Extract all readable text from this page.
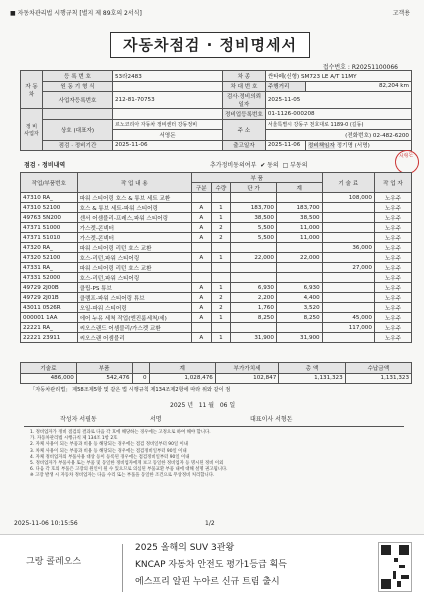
■ 자동차관리법 시행규칙 [별지 제 89호의 2서식]	고객용
자동차점검 · 정비명세서
접수번호 : R20251100066
자 동 차	등 록 번 호	53라2483	차 종	싼타페(신형) SM723 LE A/T 11MY	
	원 동 기 형 식		차 대 번 호	주행거리	82,204 km
	사업자등록번호	212-81-70753	검사·정비의뢰일자	2025-11-05	
정 비 사업자			정비업등록번호	01-1126-000208	
	상호 (대표자)	르노코리아 자동차 정비센터 강동정비	주 소	서울특별시 강동구 천호대로 1189-0 (길동)	
		서영돈		(전화번호) 02-482-6200	
	점검 · 정비기간	2025-11-06	출고일자	2025-11-06	정비책임자 정기명 (서명)
서형돈
점검 · 정비내역	추가정비동의여부 ✔ 동의 □ 부동의
작업/부품번호	작 업 내 용	부 품				기 술 료	작 업 자
		구분	수량	단 가	계		
47310 RA_	파워 스티어링 호스 & 튜브 세트 교환					108,000	노우주
47310 52100	호스 & 튜브 세트-파워 스티어링	A	1	183,700	183,700		노우주
49763 5N200	센서 어셈블리-프레스,파워 스티어링	A	1	38,500	38,500		노우주
47371 51000	가스켓-콘넥터	A	2	5,500	11,000		노우주
47371 51010	가스켓-콘넥터	A	2	5,500	11,000		노우주
47320 RA_	파워 스티어링 리턴 호스 교환					36,000	노우주
47320 52100	호스-리턴,파워 스티어링	A	1	22,000	22,000		노우주
47331 RA_	파워 스티어링 리턴 호스 교환					27,000	노우주
47331 52000	호스-리턴,파워 스티어링						노우주
49729 2J00B	클립-PS 튜브	A	1	6,930	6,930		노우주
49729 2J01B	클램프-파워 스티어링 튜브	A	2	2,200	4,400		노우주
43011 0526R	오일-파워 스티어링	A	2	1,760	3,520		노우주
000001 1AA	에어 누유 세척 작업(엔진룸세척/세)	A	1	8,250	8,250	45,000	노우주
22221 RA_	씨오스랜드 어셈블리/가스켓 교환					117,000	노우주
22221 23911	씨오스랜 어셈블리	A	1	31,900	31,900		노우주
기술료	부품		계	부가가치세	총 액	수납금액
486,000	542,476	0	1,028,476	102,847	1,131,323	1,131,323
「자동차관리법」 제58조제5항 및 같은 법 시행규칙 제134조제2항에 따라 위와 같이 점
2025 년 11 월 06 일
작성자 서필동	서명	대표이사 서형돈
1. 정비업자가 정비 점검의 결과로 다음 각 호에 해당하는 경우에는 고정으로 하여 해야 합니다.
가. 자동차관리법 시행규칙 제 134조 1항 2호
2. 자체 사용이 되는 부품과 비용 등 해당되는 경우에는 점검 정비일부터 90일 이내
3. 차체 사용이 되는 부품과 비용 등 해당되는 경우에는 점검정비일부터 90일 이내
4. 자체 정비업자의 부품사용 대상 등이 등록된 경우에는 점검정비일부터 90일 이내
5. 정비업자가 부품사용 또는 부품 및 동일한 정비업자에게 보고 동일한 정비업자 등 명시된 정비 이외
6. 다음 각 호의 부품은 고장의 원인이 될 수 있으므로 의심된 부품교환 부품 내에 대해 설명 권고됩니다.
※ 고장 발생 시 자동차 정비업자는 다음 수리 또는 부품을 동일한 조건으로 무상정비 처리합니다.
2025-11-06 10:15:56	1/2
그랑 콜레오스
2025 올해의 SUV 3관왕
KNCAP 자동차 안전도 평가1등급 획득
에스프리 알핀 누아르 신규 트림 출시
